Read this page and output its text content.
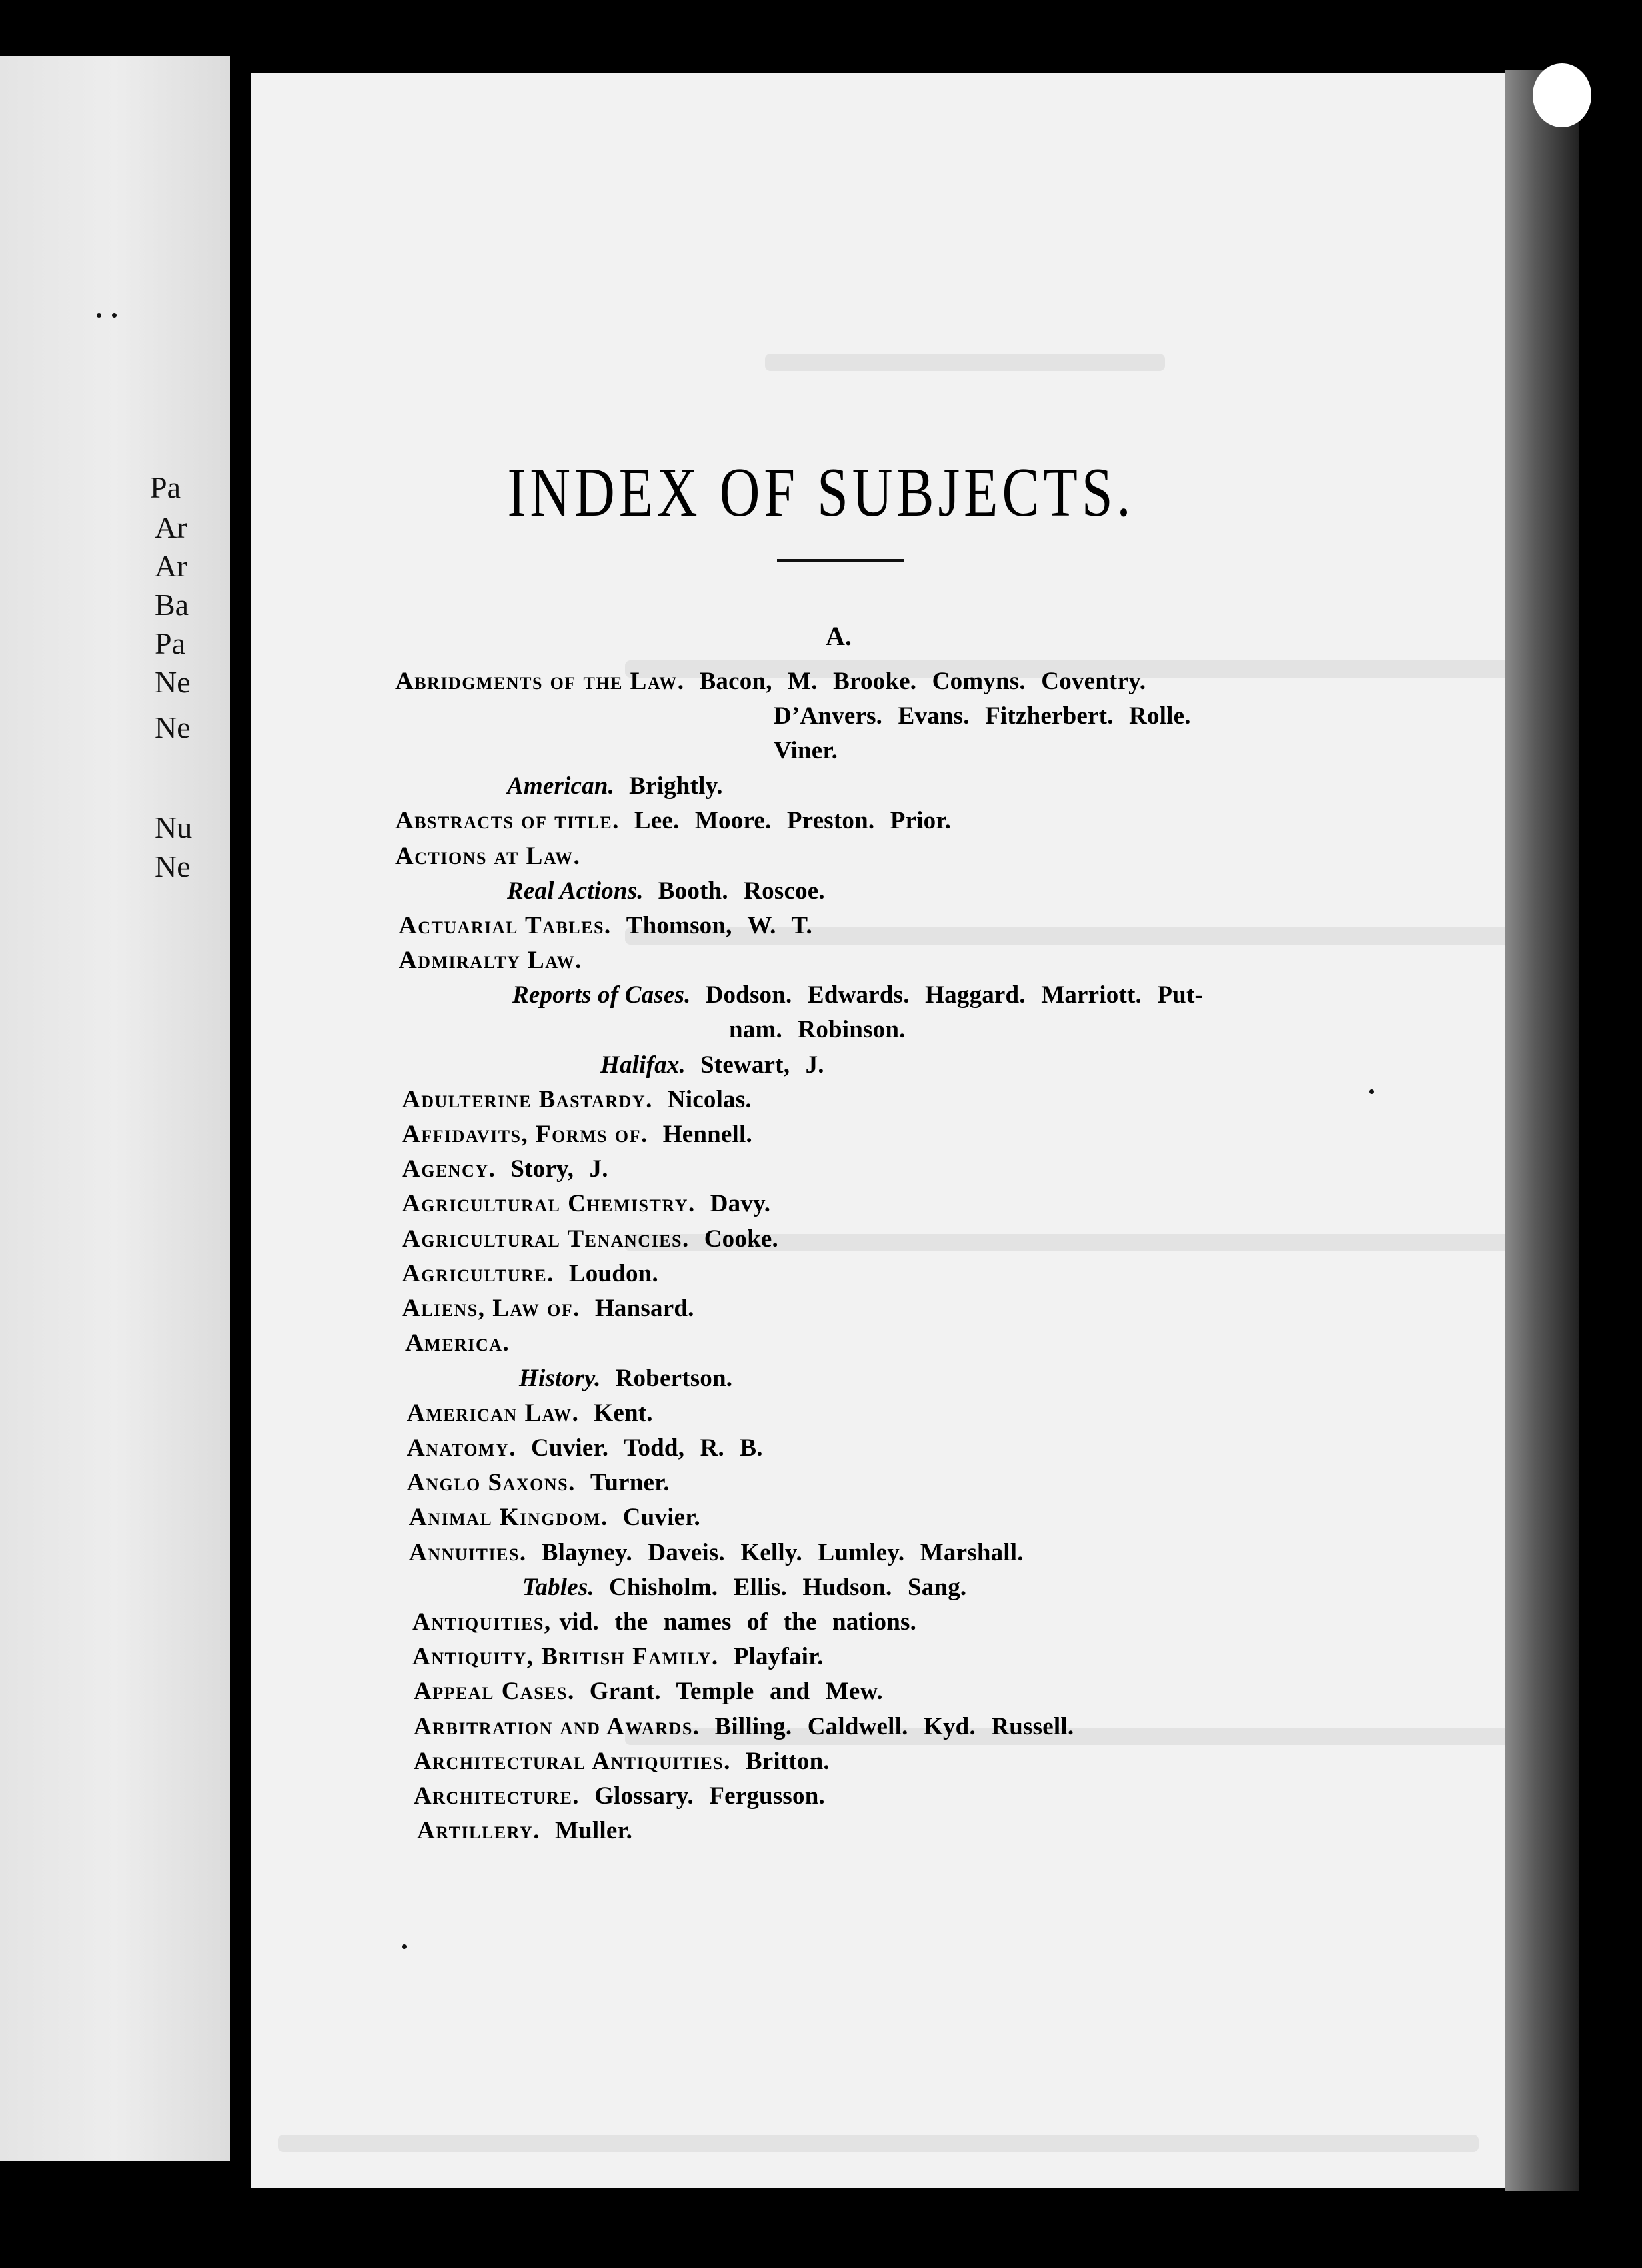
Pa
Ar
Ar
Ba
Pa
Ne
Ne
Nu
Ne
INDEX OF SUBJECTS.
A.
Abridgments of the Law. Bacon, M. Brooke. Comyns. Coventry.
D’Anvers. Evans. Fitzherbert. Rolle.
Viner.
American. Brightly.
Abstracts of title. Lee. Moore. Preston. Prior.
Actions at Law.
Real Actions. Booth. Roscoe.
Actuarial Tables. Thomson, W. T.
Admiralty Law.
Reports of Cases. Dodson. Edwards. Haggard. Marriott. Put-
nam. Robinson.
Halifax. Stewart, J.
Adulterine Bastardy. Nicolas.
Affidavits, Forms of. Hennell.
Agency. Story, J.
Agricultural Chemistry. Davy.
Agricultural Tenancies. Cooke.
Agriculture. Loudon.
Aliens, Law of. Hansard.
America.
History. Robertson.
American Law. Kent.
Anatomy. Cuvier. Todd, R. B.
Anglo Saxons. Turner.
Animal Kingdom. Cuvier.
Annuities. Blayney. Daveis. Kelly. Lumley. Marshall.
Tables. Chisholm. Ellis. Hudson. Sang.
Antiquities, vid. the names of the nations.
Antiquity, British Family. Playfair.
Appeal Cases. Grant. Temple and Mew.
Arbitration and Awards. Billing. Caldwell. Kyd. Russell.
Architectural Antiquities. Britton.
Architecture. Glossary. Fergusson.
Artillery. Muller.
